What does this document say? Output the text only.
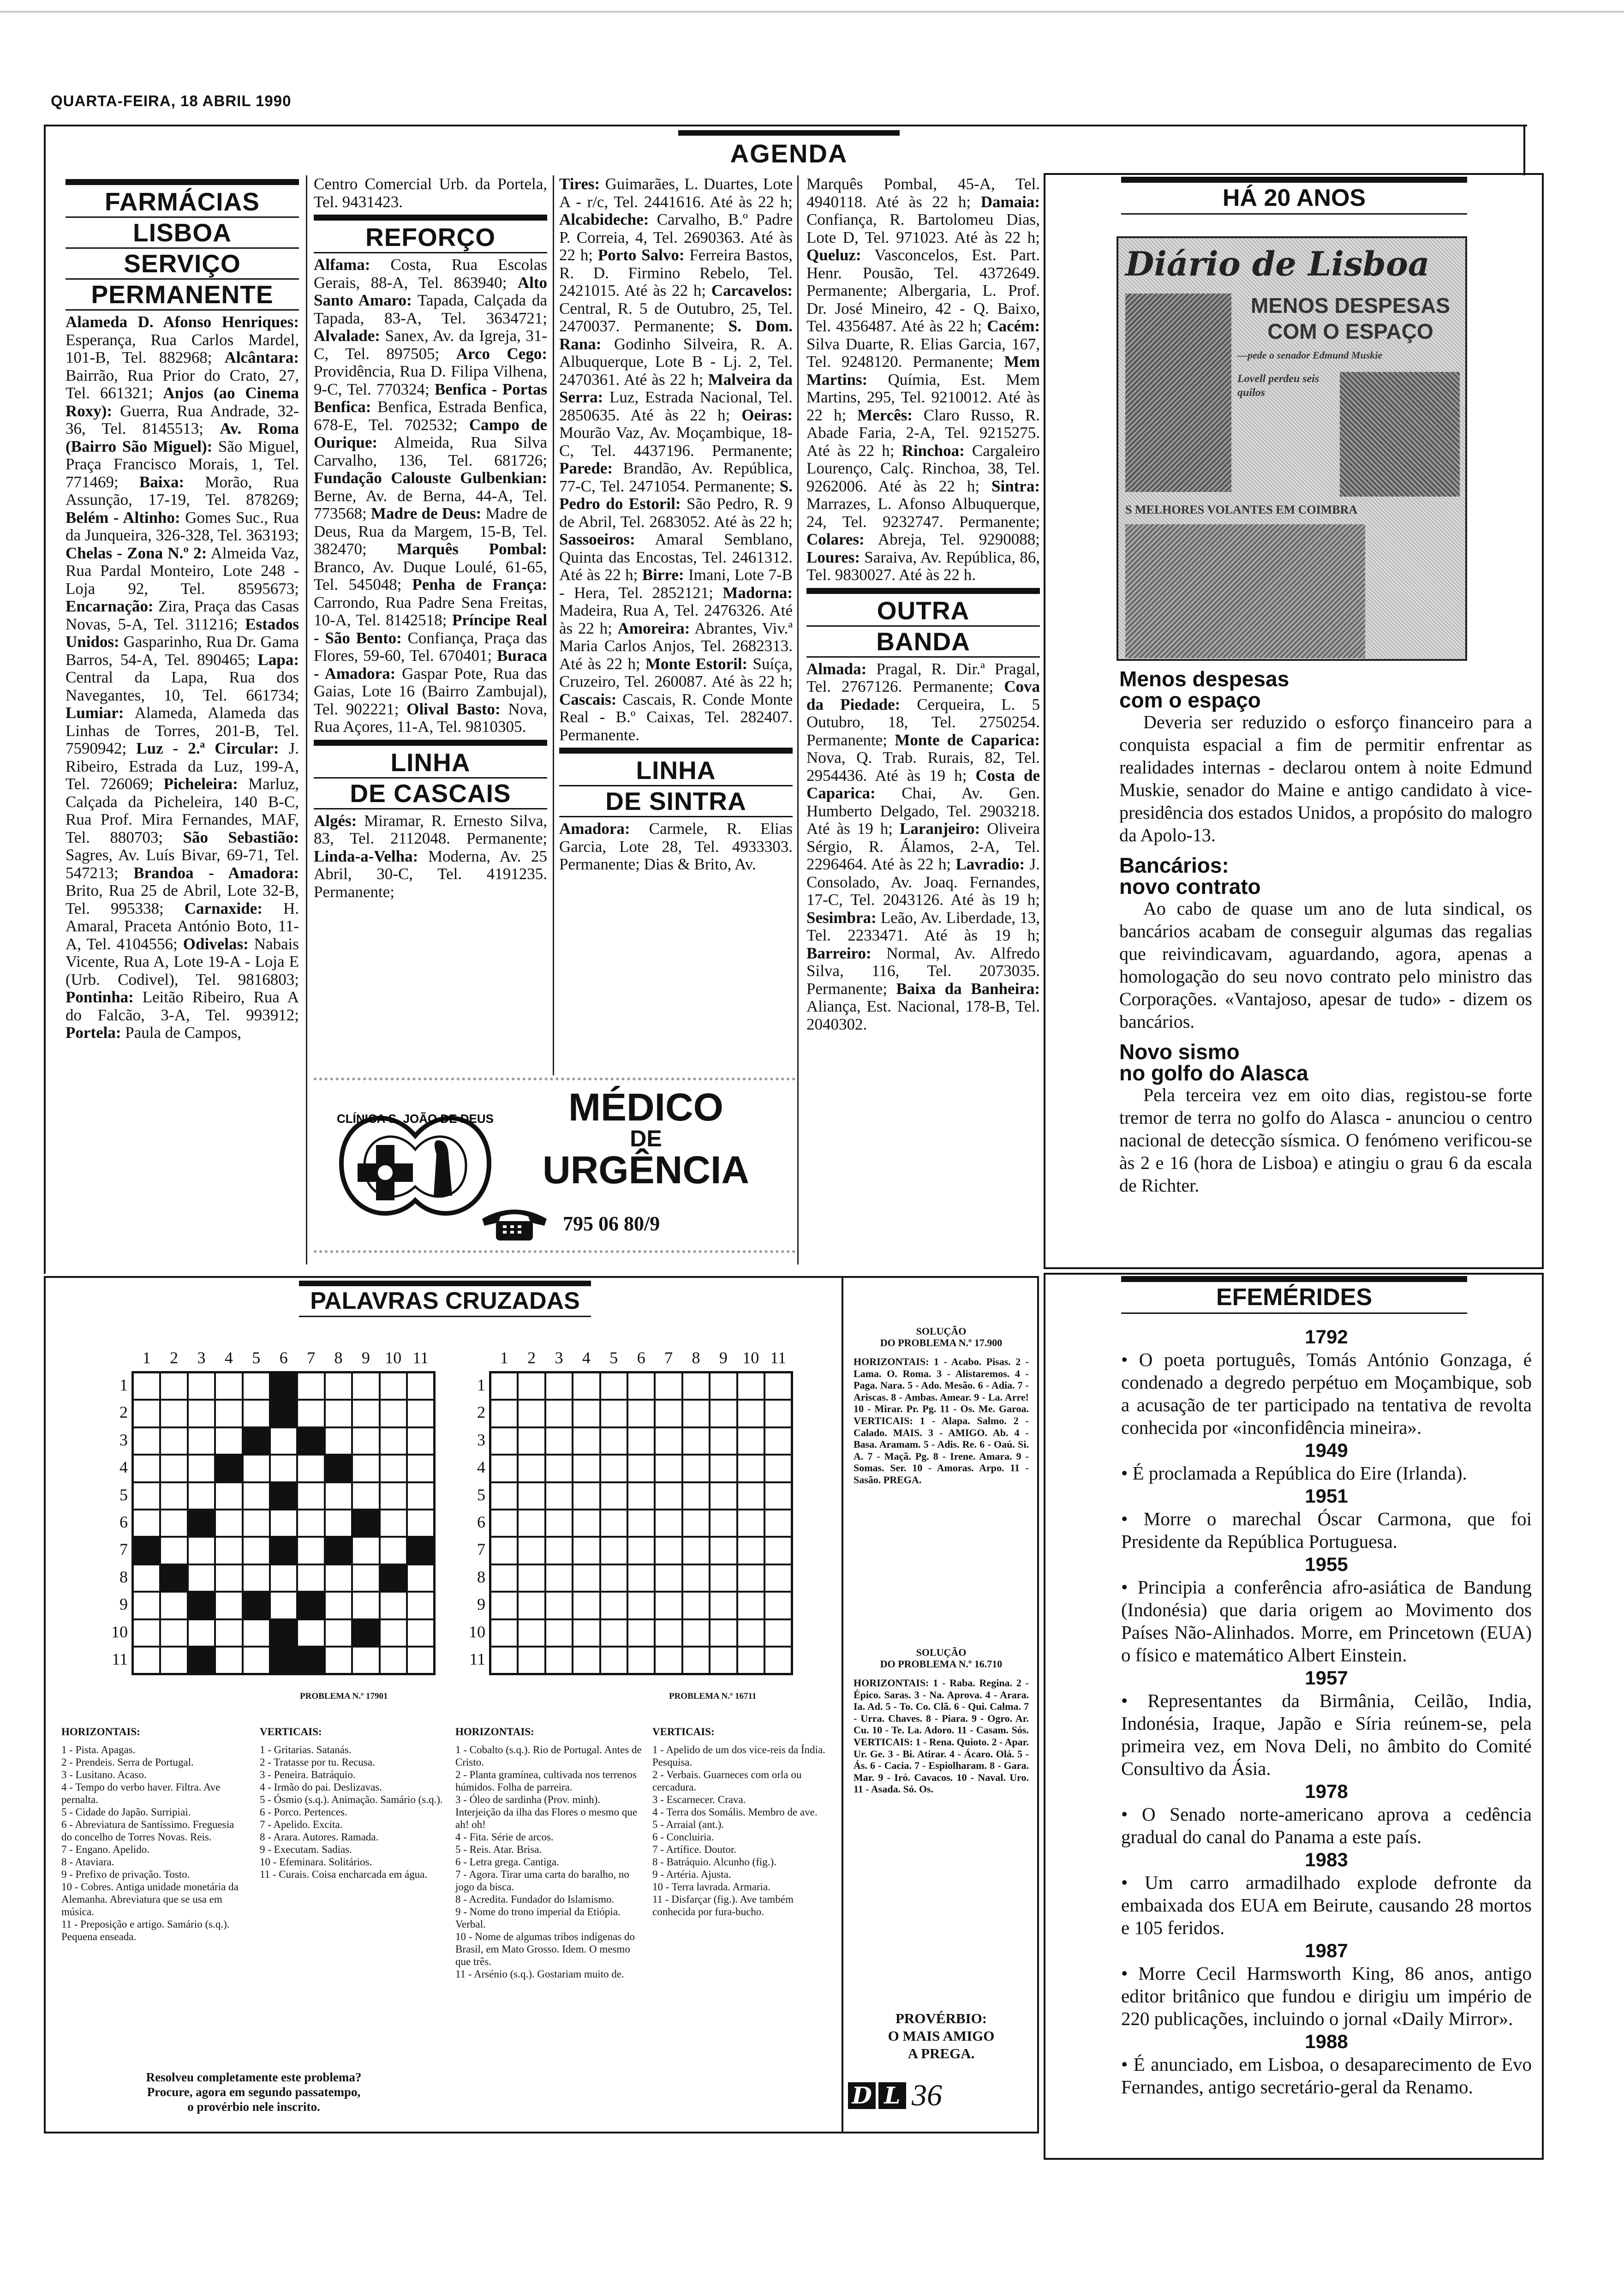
QUARTA-FEIRA, 18 ABRIL 1990
AGENDA
FARMÁCIAS
LISBOA
SERVIÇO
PERMANENTE

Alameda D. Afonso Henriques: Esperança, Rua Carlos Mardel, 101-B, Tel. 882968; Alcântara: Bairrão, Rua Prior do Crato, 27, Tel. 661321; Anjos (ao Cinema Roxy): Guerra, Rua Andrade, 32-36, Tel. 8145513; Av. Roma (Bairro São Miguel): São Miguel, Praça Francisco Morais, 1, Tel. 771469; Baixa: Morão, Rua Assunção, 17-19, Tel. 878269; Belém - Altinho: Gomes Suc., Rua da Junqueira, 326-328, Tel. 363193; Chelas - Zona N.º 2: Almeida Vaz, Rua Pardal Monteiro, Lote 248 - Loja 92, Tel. 8595673; Encarnação: Zira, Praça das Casas Novas, 5-A, Tel. 311216; Estados Unidos: Gasparinho, Rua Dr. Gama Barros, 54-A, Tel. 890465; Lapa: Central da Lapa, Rua dos Navegantes, 10, Tel. 661734; Lumiar: Alameda, Alameda das Linhas de Torres, 201-B, Tel. 7590942; Luz - 2.ª Circular: J. Ribeiro, Estrada da Luz, 199-A, Tel. 726069; Picheleira: Marluz, Calçada da Picheleira, 140 B-C, Rua Prof. Mira Fernandes, MAF, Tel. 880703; São Sebastião: Sagres, Av. Luís Bivar, 69-71, Tel. 547213; Brandoa - Amadora: Brito, Rua 25 de Abril, Lote 32-B, Tel. 995338; Carnaxide: H. Amaral, Praceta António Boto, 11-A, Tel. 4104556; Odivelas: Nabais Vicente, Rua A, Lote 19-A - Loja E (Urb. Codivel), Tel. 9816803; Pontinha: Leitão Ribeiro, Rua A do Falcão, 3-A, Tel. 993912; Portela: Paula de Campos,

Centro Comercial Urb. da Portela, Tel. 9431423.

REFORÇO

Alfama: Costa, Rua Escolas Gerais, 88-A, Tel. 863940; Alto Santo Amaro: Tapada, Calçada da Tapada, 83-A, Tel. 3634721; Alvalade: Sanex, Av. da Igreja, 31-C, Tel. 897505; Arco Cego: Providência, Rua D. Filipa Vilhena, 9-C, Tel. 770324; Benfica - Portas Benfica: Benfica, Estrada Benfica, 678-E, Tel. 702532; Campo de Ourique: Almeida, Rua Silva Carvalho, 136, Tel. 681726; Fundação Calouste Gulbenkian: Berne, Av. de Berna, 44-A, Tel. 773568; Madre de Deus: Madre de Deus, Rua da Margem, 15-B, Tel. 382470; Marquês Pombal: Branco, Av. Duque Loulé, 61-65, Tel. 545048; Penha de França: Carrondo, Rua Padre Sena Freitas, 10-A, Tel. 8142518; Príncipe Real - São Bento: Confiança, Praça das Flores, 59-60, Tel. 670401; Buraca - Amadora: Gaspar Pote, Rua das Gaias, Lote 16 (Bairro Zambujal), Tel. 902221; Olival Basto: Nova, Rua Açores, 11-A, Tel. 9810305.

LINHA
DE CASCAIS

Algés: Miramar, R. Ernesto Silva, 83, Tel. 2112048. Permanente; Linda-a-Velha: Moderna, Av. 25 Abril, 30-C, Tel. 4191235. Permanente;

Tires: Guimarães, L. Duartes, Lote A - r/c, Tel. 2441616. Até às 22 h; Alcabideche: Carvalho, B.º Padre P. Correia, 4, Tel. 2690363. Até às 22 h; Porto Salvo: Ferreira Bastos, R. D. Firmino Rebelo, Tel. 2421015. Até às 22 h; Carcavelos: Central, R. 5 de Outubro, 25, Tel. 2470037. Permanente; S. Dom. Rana: Godinho Silveira, R. A. Albuquerque, Lote B - Lj. 2, Tel. 2470361. Até às 22 h; Malveira da Serra: Luz, Estrada Nacional, Tel. 2850635. Até às 22 h; Oeiras: Mourão Vaz, Av. Moçambique, 18-C, Tel. 4437196. Permanente; Parede: Brandão, Av. República, 77-C, Tel. 2471054. Permanente; S. Pedro do Estoril: São Pedro, R. 9 de Abril, Tel. 2683052. Até às 22 h; Sassoeiros: Amaral Semblano, Quinta das Encostas, Tel. 2461312. Até às 22 h; Birre: Imani, Lote 7-B - Hera, Tel. 2852121; Madorna: Madeira, Rua A, Tel. 2476326. Até às 22 h; Amoreira: Abrantes, Viv.ª Maria Carlos Anjos, Tel. 2682313. Até às 22 h; Monte Estoril: Suíça, Cruzeiro, Tel. 260087. Até às 22 h; Cascais: Cascais, R. Conde Monte Real - B.º Caixas, Tel. 282407. Permanente.

LINHA
DE SINTRA

Amadora: Carmele, R. Elias Garcia, Lote 28, Tel. 4933303. Permanente; Dias & Brito, Av.

Marquês Pombal, 45-A, Tel. 4940118. Até às 22 h; Damaia: Confiança, R. Bartolomeu Dias, Lote D, Tel. 971023. Até às 22 h; Queluz: Vasconcelos, Est. Part. Henr. Pousão, Tel. 4372649. Permanente; Albergaria, L. Prof. Dr. José Mineiro, 42 - Q. Baixo, Tel. 4356487. Até às 22 h; Cacém: Silva Duarte, R. Elias Garcia, 167, Tel. 9248120. Permanente; Mem Martins: Químia, Est. Mem Martins, 295, Tel. 9210012. Até às 22 h; Mercês: Claro Russo, R. Abade Faria, 2-A, Tel. 9215275. Até às 22 h; Rinchoa: Cargaleiro Lourenço, Calç. Rinchoa, 38, Tel. 9262006. Até às 22 h; Sintra: Marrazes, L. Afonso Albuquerque, 24, Tel. 9232747. Permanente; Colares: Abreja, Tel. 9290088; Loures: Saraiva, Av. República, 86, Tel. 9830027. Até às 22 h.

OUTRA
BANDA

Almada: Pragal, R. Dir.ª Pragal, Tel. 2767126. Permanente; Cova da Piedade: Cerqueira, L. 5 Outubro, 18, Tel. 2750254. Permanente; Monte de Caparica: Nova, Q. Trab. Rurais, 82, Tel. 2954436. Até às 19 h; Costa de Caparica: Chai, Av. Gen. Humberto Delgado, Tel. 2903218. Até às 19 h; Laranjeiro: Oliveira Sérgio, R. Álamos, 2-A, Tel. 2296464. Até às 22 h; Lavradio: J. Consolado, Av. Joaq. Fernandes, 17-C, Tel. 2043126. Até às 19 h; Sesimbra: Leão, Av. Liberdade, 13, Tel. 2233471. Até às 19 h; Barreiro: Normal, Av. Alfredo Silva, 116, Tel. 2073035. Permanente; Baixa da Banheira: Aliança, Est. Nacional, 178-B, Tel. 2040302.

CLÍNICA S. JOÃO DE DEUS	MÉDICO
DE
URGÊNCIA
795 06 80/9
HÁ 20 ANOS
Diário de Lisboa
MENOS DESPESAS
COM O ESPAÇO
—pede o senador Edmund Muskie
Lovell perdeu seis quilos
S MELHORES VOLANTES EM COIMBRA
Menos despesas
com o espaço

Deveria ser reduzido o esforço financeiro para a conquista espacial a fim de permitir enfrentar as realidades internas - declarou ontem à noite Edmund Muskie, senador do Maine e antigo candidato à vice-presidência dos estados Unidos, a propósito do malogro da Apolo-13.

Bancários:
novo contrato

Ao cabo de quase um ano de luta sindical, os bancários acabam de conseguir algumas das regalias que reivindicavam, aguardando, agora, apenas a homologação do seu novo contrato pelo ministro das Corporações. «Vantajoso, apesar de tudo» - dizem os bancários.

Novo sismo
no golfo do Alasca

Pela terceira vez em oito dias, registou-se forte tremor de terra no golfo do Alasca - anunciou o centro nacional de detecção sísmica. O fenómeno verificou-se às 2 e 16 (hora de Lisboa) e atingiu o grau 6 da escala de Richter.

EFEMÉRIDES
1792

• O poeta português, Tomás António Gonzaga, é condenado a degredo perpétuo em Moçambique, sob a acusação de ter participado na tentativa de revolta conhecida por «inconfidência mineira».

1949

• É proclamada a República do Eire (Irlanda).

1951

• Morre o marechal Óscar Carmona, que foi Presidente da República Portuguesa.

1955

• Principia a conferência afro-asiática de Bandung (Indonésia) que daria origem ao Movimento dos Países Não-Alinhados. Morre, em Princetown (EUA) o físico e matemático Albert Einstein.

1957

• Representantes da Birmânia, Ceilão, India, Indonésia, Iraque, Japão e Síria reúnem-se, pela primeira vez, em Nova Deli, no âmbito do Comité Consultivo da Ásia.

1978

• O Senado norte-americano aprova a cedência gradual do canal do Panama a este país.

1983

• Um carro armadilhado explode defronte da embaixada dos EUA em Beirute, causando 28 mortos e 105 feridos.

1987

• Morre Cecil Harmsworth King, 86 anos, antigo editor britânico que fundou e dirigiu um império de 220 publicações, incluindo o jornal «Daily Mirror».

1988

• É anunciado, em Lisboa, o desaparecimento de Evo Fernandes, antigo secretário-geral da Renamo.

PALAVRAS CRUZADAS
1
1
2
2
3
3
4
4
5
5
6
6
7
7
8
8
9
9
10
10
11
11
1
1
2
2
3
3
4
4
5
5
6
6
7
7
8
8
9
9
10
10
11
11
PROBLEMA N.º 17901	PROBLEMA N.º 16711
HORIZONTAIS:
1 - Pista. Apagas.
2 - Prendeis. Serra de Portugal.
3 - Lusitano. Acaso.
4 - Tempo do verbo haver. Filtra. Ave pernalta.
5 - Cidade do Japão. Surripiai.
6 - Abreviatura de Santíssimo. Freguesia do concelho de Torres Novas. Reis.
7 - Engano. Apelido.
8 - Ataviara.
9 - Prefixo de privação. Tosto.
10 - Cobres. Antiga unidade monetária da Alemanha. Abreviatura que se usa em música.
11 - Preposição e artigo. Samário (s.q.). Pequena enseada.
VERTICAIS:
1 - Gritarias. Satanás.
2 - Tratasse por tu. Recusa.
3 - Peneira. Batráquio.
4 - Irmão do pai. Deslizavas.
5 - Ósmio (s.q.). Animação. Samário (s.q.).
6 - Porco. Pertences.
7 - Apelido. Excita.
8 - Arara. Autores. Ramada.
9 - Executam. Sadias.
10 - Efeminara. Solitários.
11 - Curais. Coisa encharcada em água.
HORIZONTAIS:
1 - Cobalto (s.q.). Rio de Portugal. Antes de Cristo.
2 - Planta gramínea, cultivada nos terrenos húmidos. Folha de parreira.
3 - Óleo de sardinha (Prov. minh). Interjeição da ilha das Flores o mesmo que ah! oh!
4 - Fita. Série de arcos.
5 - Reis. Atar. Brisa.
6 - Letra grega. Cantiga.
7 - Agora. Tirar uma carta do baralho, no jogo da bisca.
8 - Acredita. Fundador do Islamismo.
9 - Nome do trono imperial da Etiópia. Verbal.
10 - Nome de algumas tribos indígenas do Brasil, em Mato Grosso. Idem. O mesmo que três.
11 - Arsénio (s.q.). Gostariam muito de.
VERTICAIS:
1 - Apelido de um dos vice-reis da Índia. Pesquisa.
2 - Verbais. Guarneces com orla ou cercadura.
3 - Escarnecer. Crava.
4 - Terra dos Somális. Membro de ave.
5 - Arraial (ant.).
6 - Concluiria.
7 - Artífice. Doutor.
8 - Batráquio. Alcunho (fig.).
9 - Artéria. Ajusta.
10 - Terra lavrada. Armaria.
11 - Disfarçar (fig.). Ave também conhecida por fura-bucho.
Resolveu completamente este problema?
Procure, agora em segundo passatempo,
o provérbio nele inscrito.
SOLUÇÃO
DO PROBLEMA N.º 17.900

HORIZONTAIS: 1 - Acabo. Pisas. 2 - Lama. O. Roma. 3 - Alistaremos. 4 - Paga. Nara. 5 - Ado. Mesão. 6 - Adia. 7 - Ariscas. 8 - Ambas. Amear. 9 - La. Arre! 10 - Mirar. Pr. Pg. 11 - Os. Me. Garoa. VERTICAIS: 1 - Alapa. Salmo. 2 - Calado. MAIS. 3 - AMIGO. Ab. 4 - Basa. Aramam. 5 - Adis. Re. 6 - Oaú. Si. A. 7 - Maçã. Pg. 8 - Irene. Amara. 9 - Somas. Ser. 10 - Amoras. Arpo. 11 - Sasão. PREGA.

SOLUÇÃO
DO PROBLEMA N.º 16.710

HORIZONTAIS: 1 - Raba. Regina. 2 - Épico. Saras. 3 - Na. Aprova. 4 - Arara. Ia. Ad. 5 - To. Co. Clã. 6 - Qui. Calma. 7 - Urra. Chaves. 8 - Piara. 9 - Ogro. Ar. Cu. 10 - Te. La. Adoro. 11 - Casam. Sós. VERTICAIS: 1 - Rena. Quioto. 2 - Apar. Ur. Ge. 3 - Bi. Atirar. 4 - Ácaro. Olá. 5 - Ás. 6 - Cacia. 7 - Espiolharam. 8 - Gara. Mar. 9 - Iró. Cavacos. 10 - Naval. Uro. 11 - Asada. Só. Os.

PROVÉRBIO:
O MAIS AMIGO
A PREGA.
D L 36
